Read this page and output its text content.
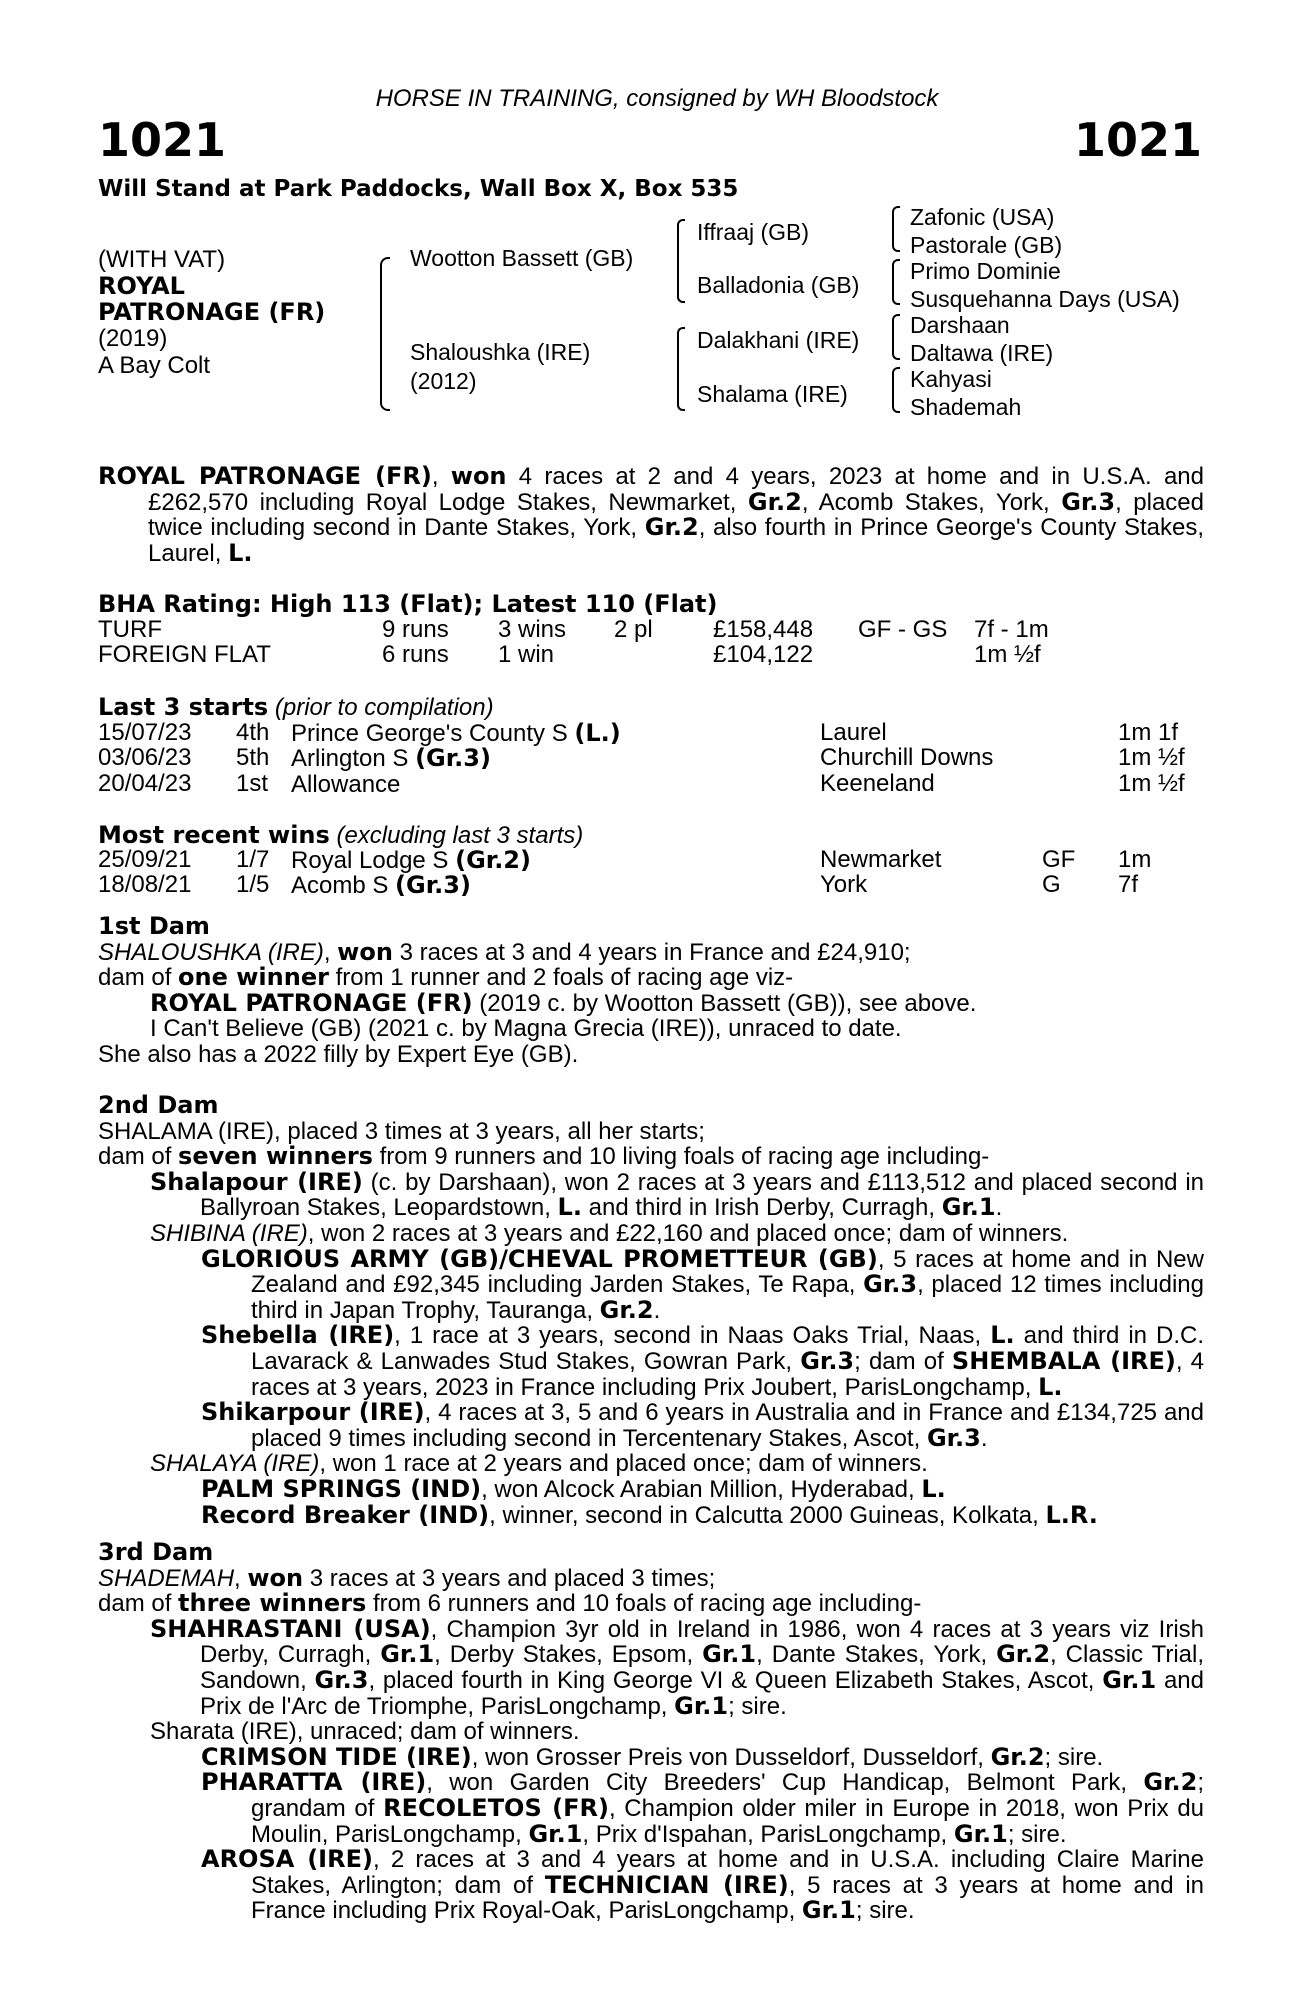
HORSE IN TRAINING, consigned by WH Bloodstock
1021	1021
Will Stand at Park Paddocks, Wall Box X, Box 535
(WITH VAT)
ROYAL
PATRONAGE (FR)
(2019)
A Bay Colt
Wootton Bassett (GB)
Shaloushka (IRE)
(2012)
Iffraaj (GB)
Balladonia (GB)
Dalakhani (IRE)
Shalama (IRE)
Zafonic (USA)
Pastorale (GB)
Primo Dominie
Susquehanna Days (USA)
Darshaan
Daltawa (IRE)
Kahyasi
Shademah

ROYAL PATRONAGE (FR), won 4 races at 2 and 4 years, 2023 at home and in U.S.A. and £262,570 including Royal Lodge Stakes, Newmarket, Gr.2, Acomb Stakes, York, Gr.3, placed twice including second in Dante Stakes, York, Gr.2, also fourth in Prince George's County Stakes, Laurel, L.

BHA Rating: High 113 (Flat); Latest 110 (Flat)
TURF	9 runs 3 wins 2 pl	£158,448 GF - GS 7f - 1m
FOREIGN FLAT	6 runs 1 win	£104,122	1m ½f
Last 3 starts (prior to compilation)
15/07/23 4th Prince George's County S (L.)	Laurel	1m 1f
03/06/23 5th Arlington S (Gr.3)	Churchill Downs	1m ½f
20/04/23 1st Allowance	Keeneland	1m ½f
Most recent wins (excluding last 3 starts)
25/09/21 1/7 Royal Lodge S (Gr.2)	Newmarket	GF 1m
18/08/21 1/5 Acomb S (Gr.3)	York	G 7f

1st Dam

SHALOUSHKA (IRE), won 3 races at 3 and 4 years in France and £24,910;

dam of one winner from 1 runner and 2 foals of racing age viz-

ROYAL PATRONAGE (FR) (2019 c. by Wootton Bassett (GB)), see above.

I Can't Believe (GB) (2021 c. by Magna Grecia (IRE)), unraced to date.

She also has a 2022 filly by Expert Eye (GB).

2nd Dam

SHALAMA (IRE), placed 3 times at 3 years, all her starts;

dam of seven winners from 9 runners and 10 living foals of racing age including-

Shalapour (IRE) (c. by Darshaan), won 2 races at 3 years and £113,512 and placed second in Ballyroan Stakes, Leopardstown, L. and third in Irish Derby, Curragh, Gr.1.

SHIBINA (IRE), won 2 races at 3 years and £22,160 and placed once; dam of winners.

GLORIOUS ARMY (GB)/CHEVAL PROMETTEUR (GB), 5 races at home and in New Zealand and £92,345 including Jarden Stakes, Te Rapa, Gr.3, placed 12 times including third in Japan Trophy, Tauranga, Gr.2.

Shebella (IRE), 1 race at 3 years, second in Naas Oaks Trial, Naas, L. and third in D.C. Lavarack & Lanwades Stud Stakes, Gowran Park, Gr.3; dam of SHEMBALA (IRE), 4 races at 3 years, 2023 in France including Prix Joubert, ParisLongchamp, L.

Shikarpour (IRE), 4 races at 3, 5 and 6 years in Australia and in France and £134,725 and placed 9 times including second in Tercentenary Stakes, Ascot, Gr.3.

SHALAYA (IRE), won 1 race at 2 years and placed once; dam of winners.

PALM SPRINGS (IND), won Alcock Arabian Million, Hyderabad, L.

Record Breaker (IND), winner, second in Calcutta 2000 Guineas, Kolkata, L.R.

3rd Dam

SHADEMAH, won 3 races at 3 years and placed 3 times;

dam of three winners from 6 runners and 10 foals of racing age including-

SHAHRASTANI (USA), Champion 3yr old in Ireland in 1986, won 4 races at 3 years viz Irish Derby, Curragh, Gr.1, Derby Stakes, Epsom, Gr.1, Dante Stakes, York, Gr.2, Classic Trial, Sandown, Gr.3, placed fourth in King George VI & Queen Elizabeth Stakes, Ascot, Gr.1 and Prix de l'Arc de Triomphe, ParisLongchamp, Gr.1; sire.

Sharata (IRE), unraced; dam of winners.

CRIMSON TIDE (IRE), won Grosser Preis von Dusseldorf, Dusseldorf, Gr.2; sire.

PHARATTA (IRE), won Garden City Breeders' Cup Handicap, Belmont Park, Gr.2; grandam of RECOLETOS (FR), Champion older miler in Europe in 2018, won Prix du Moulin, ParisLongchamp, Gr.1, Prix d'Ispahan, ParisLongchamp, Gr.1; sire.

AROSA (IRE), 2 races at 3 and 4 years at home and in U.S.A. including Claire Marine Stakes, Arlington; dam of TECHNICIAN (IRE), 5 races at 3 years at home and in France including Prix Royal-Oak, ParisLongchamp, Gr.1; sire.
